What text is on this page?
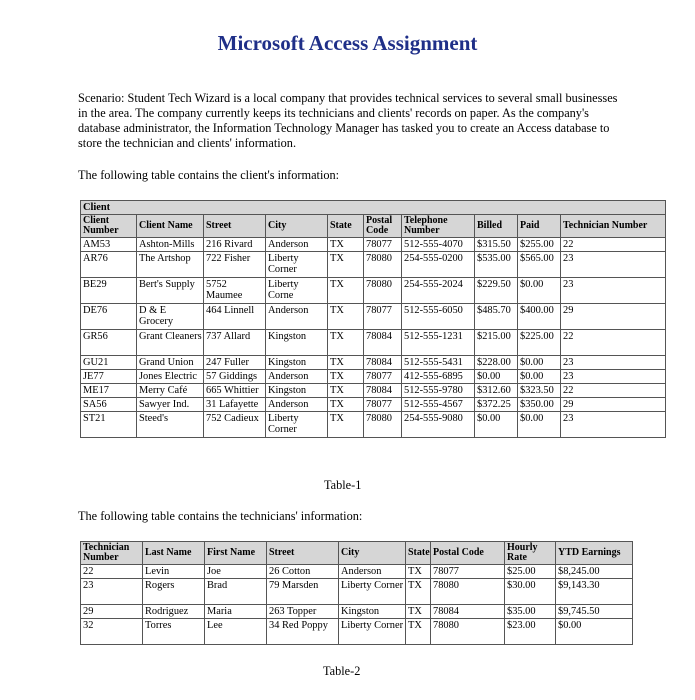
Microsoft Access Assignment
Scenario: Student Tech Wizard is a local company that provides technical services to several small businesses in the area. The company currently keeps its technicians and clients' records on paper. As the company's database administrator, the Information Technology Manager has tasked you to create an Access database to store the technician and clients' information.
The following table contains the client's information:
Client									
Client Number	Client Name	Street	City	State	Postal Code	Telephone Number	Billed	Paid	Technician Number
AM53	Ashton-Mills	216 Rivard	Anderson	TX	78077	512-555-4070	$315.50	$255.00	22
AR76	The Artshop	722 Fisher	Liberty Corner	TX	78080	254-555-0200	$535.00	$565.00	23
BE29	Bert's Supply	5752 Maumee	Liberty Corne	TX	78080	254-555-2024	$229.50	$0.00	23
DE76	D & E Grocery	464 Linnell	Anderson	TX	78077	512-555-6050	$485.70	$400.00	29
GR56	Grant Cleaners	737 Allard	Kingston	TX	78084	512-555-1231	$215.00	$225.00	22
GU21	Grand Union	247 Fuller	Kingston	TX	78084	512-555-5431	$228.00	$0.00	23
JE77	Jones Electric	57 Giddings	Anderson	TX	78077	412-555-6895	$0.00	$0.00	23
ME17	Merry Café	665 Whittier	Kingston	TX	78084	512-555-9780	$312.60	$323.50	22
SA56	Sawyer Ind.	31 Lafayette	Anderson	TX	78077	512-555-4567	$372.25	$350.00	29
ST21	Steed's	752 Cadieux	Liberty Corner	TX	78080	254-555-9080	$0.00	$0.00	23
Table-1
The following table contains the technicians' information:
Technician Number	Last Name	First Name	Street	City	State	Postal Code	Hourly Rate	YTD Earnings
22	Levin	Joe	26 Cotton	Anderson	TX	78077	$25.00	$8,245.00
23	Rogers	Brad	79 Marsden	Liberty Corner	TX	78080	$30.00	$9,143.30
29	Rodriguez	Maria	263 Topper	Kingston	TX	78084	$35.00	$9,745.50
32	Torres	Lee	34 Red Poppy	Liberty Corner	TX	78080	$23.00	$0.00
Table-2
